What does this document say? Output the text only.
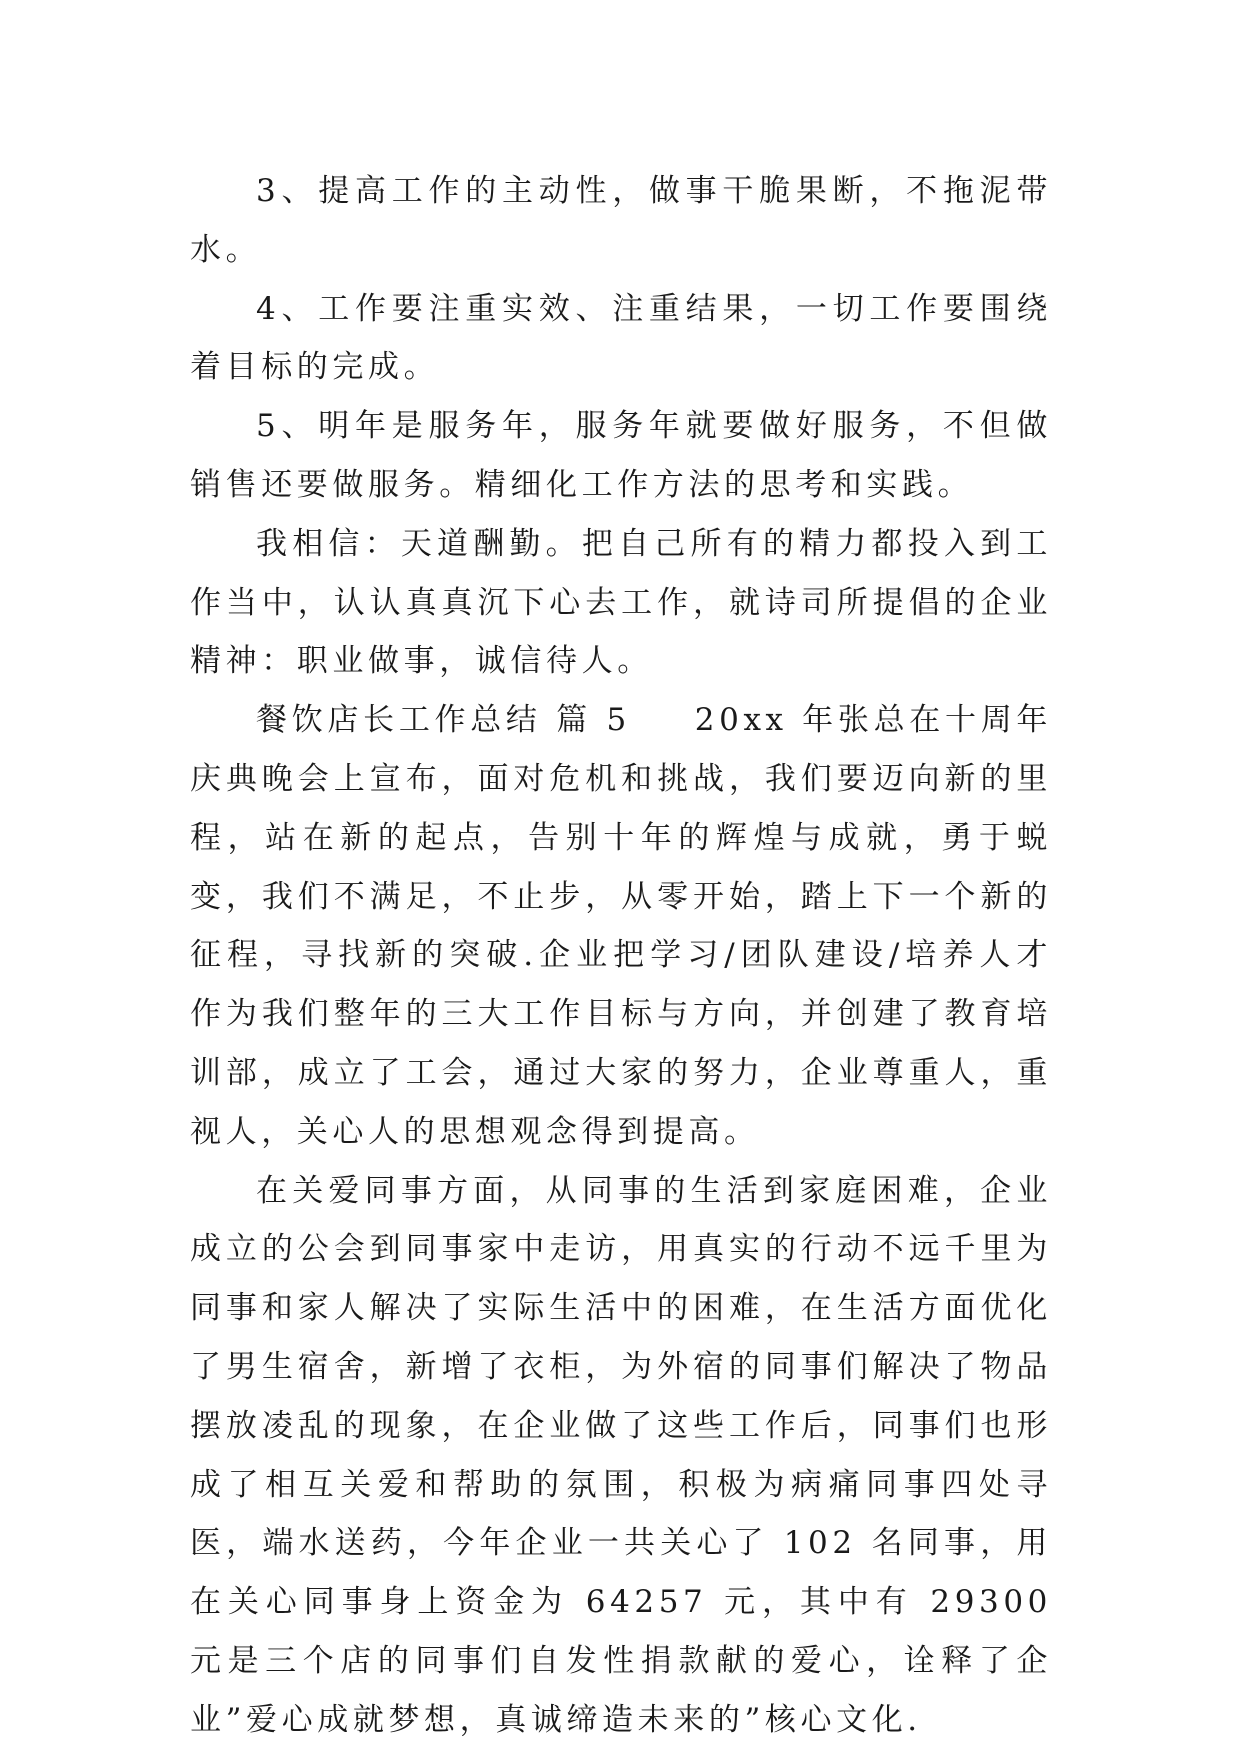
3、提高工作的主动性，做事干脆果断，不拖泥带水。

4、工作要注重实效、注重结果，一切工作要围绕着目标的完成。

5、明年是服务年，服务年就要做好服务，不但做销售还要做服务。精细化工作方法的思考和实践。

我相信：天道酬勤。把自己所有的精力都投入到工作当中，认认真真沉下心去工作，就诗司所提倡的企业精神：职业做事，诚信待人。

餐饮店长工作总结 篇 5 20xx 年张总在十周年庆典晚会上宣布，面对危机和挑战，我们要迈向新的里程，站在新的起点，告别十年的辉煌与成就，勇于蜕变，我们不满足，不止步，从零开始，踏上下一个新的征程，寻找新的突破.企业把学习/团队建设/培养人才作为我们整年的三大工作目标与方向，并创建了教育培训部，成立了工会，通过大家的努力，企业尊重人，重视人，关心人的思想观念得到提高。

在关爱同事方面，从同事的生活到家庭困难，企业成立的公会到同事家中走访，用真实的行动不远千里为同事和家人解决了实际生活中的困难，在生活方面优化了男生宿舍，新增了衣柜，为外宿的同事们解决了物品摆放凌乱的现象，在企业做了这些工作后，同事们也形成了相互关爱和帮助的氛围，积极为病痛同事四处寻医，端水送药，今年企业一共关心了 102 名同事，用在关心同事身上资金为 64257 元，其中有 29300 元是三个店的同事们自发性捐款献的爱心，诠释了企业”爱心成就梦想，真诚缔造未来的”核心文化.
